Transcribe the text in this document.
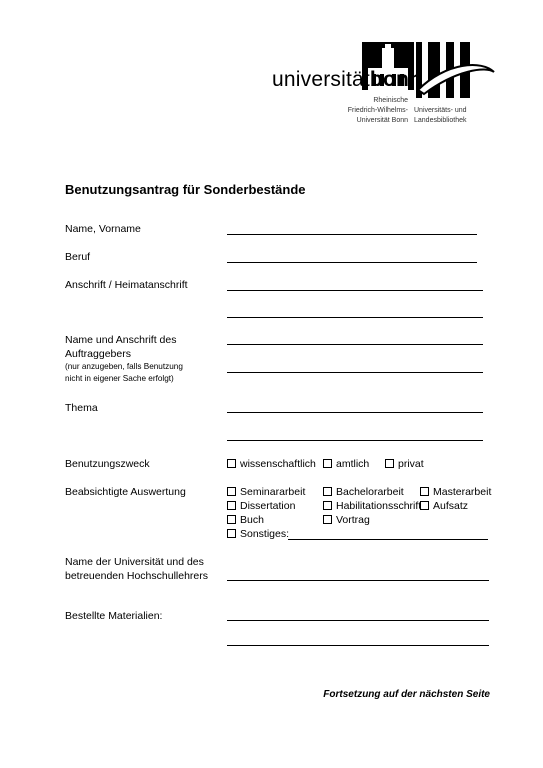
universitätbonn
Rheinische
Friedrich-Wilhelms-
Universität Bonn
Universitäts- und
Landesbibliothek
Benutzungsantrag für Sonderbestände
Name, Vorname
Beruf
Anschrift / Heimatanschrift
Name und Anschrift des
Auftraggebers
(nur anzugeben, falls Benutzung
nicht in eigener Sache erfolgt)
Thema
Benutzungszweck	wissenschaftlich	amtlich	privat
Beabsichtigte Auswertung	Seminararbeit	Bachelorarbeit	Masterarbeit
Dissertation	Habilitationsschrift	Aufsatz
Buch	Vortrag
Sonstiges:
Name der Universität und des
betreuenden Hochschullehrers
Bestellte Materialien:
Fortsetzung auf der nächsten Seite
